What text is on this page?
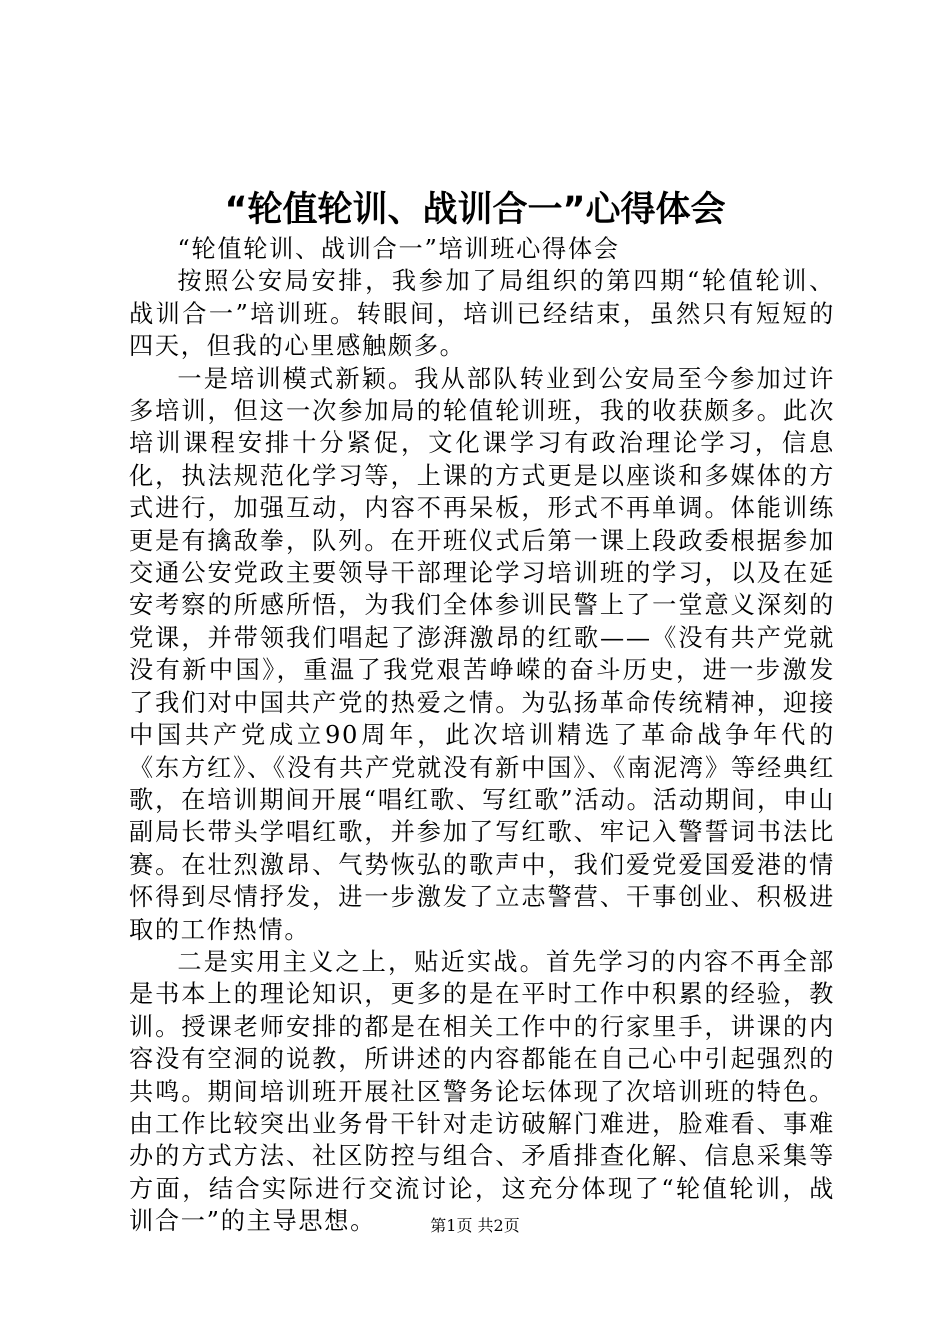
“轮值轮训、战训合一”心得体会

“轮值轮训、战训合一”培训班心得体会

按照公安局安排，我参加了局组织的第四期“轮值轮训、战训合一”培训班。转眼间，培训已经结束，虽然只有短短的四天，但我的心里感触颇多。

一是培训模式新颖。我从部队转业到公安局至今参加过许多培训，但这一次参加局的轮值轮训班，我的收获颇多。此次培训课程安排十分紧促，文化课学习有政治理论学习，信息化，执法规范化学习等，上课的方式更是以座谈和多媒体的方式进行，加强互动，内容不再呆板，形式不再单调。体能训练更是有擒敌拳，队列。在开班仪式后第一课上段政委根据参加交通公安党政主要领导干部理论学习培训班的学习，以及在延安考察的所感所悟，为我们全体参训民警上了一堂意义深刻的党课，并带领我们唱起了澎湃激昂的红歌——《没有共产党就没有新中国》，重温了我党艰苦峥嵘的奋斗历史，进一步激发了我们对中国共产党的热爱之情。为弘扬革命传统精神，迎接中国共产党成立90周年，此次培训精选了革命战争年代的《东方红》、《没有共产党就没有新中国》、《南泥湾》等经典红歌，在培训期间开展“唱红歌、写红歌”活动。活动期间，申山副局长带头学唱红歌，并参加了写红歌、牢记入警誓词书法比赛。在壮烈激昂、气势恢弘的歌声中，我们爱党爱国爱港的情怀得到尽情抒发，进一步激发了立志警营、干事创业、积极进取的工作热情。

二是实用主义之上，贴近实战。首先学习的内容不再全部是书本上的理论知识，更多的是在平时工作中积累的经验，教训。授课老师安排的都是在相关工作中的行家里手，讲课的内容没有空洞的说教，所讲述的内容都能在自己心中引起强烈的共鸣。期间培训班开展社区警务论坛体现了次培训班的特色。由工作比较突出业务骨干针对走访破解门难进，脸难看、事难办的方式方法、社区防控与组合、矛盾排查化解、信息采集等方面，结合实际进行交流讨论，这充分体现了“轮值轮训，战训合一”的主导思想。	第1页 共2页
